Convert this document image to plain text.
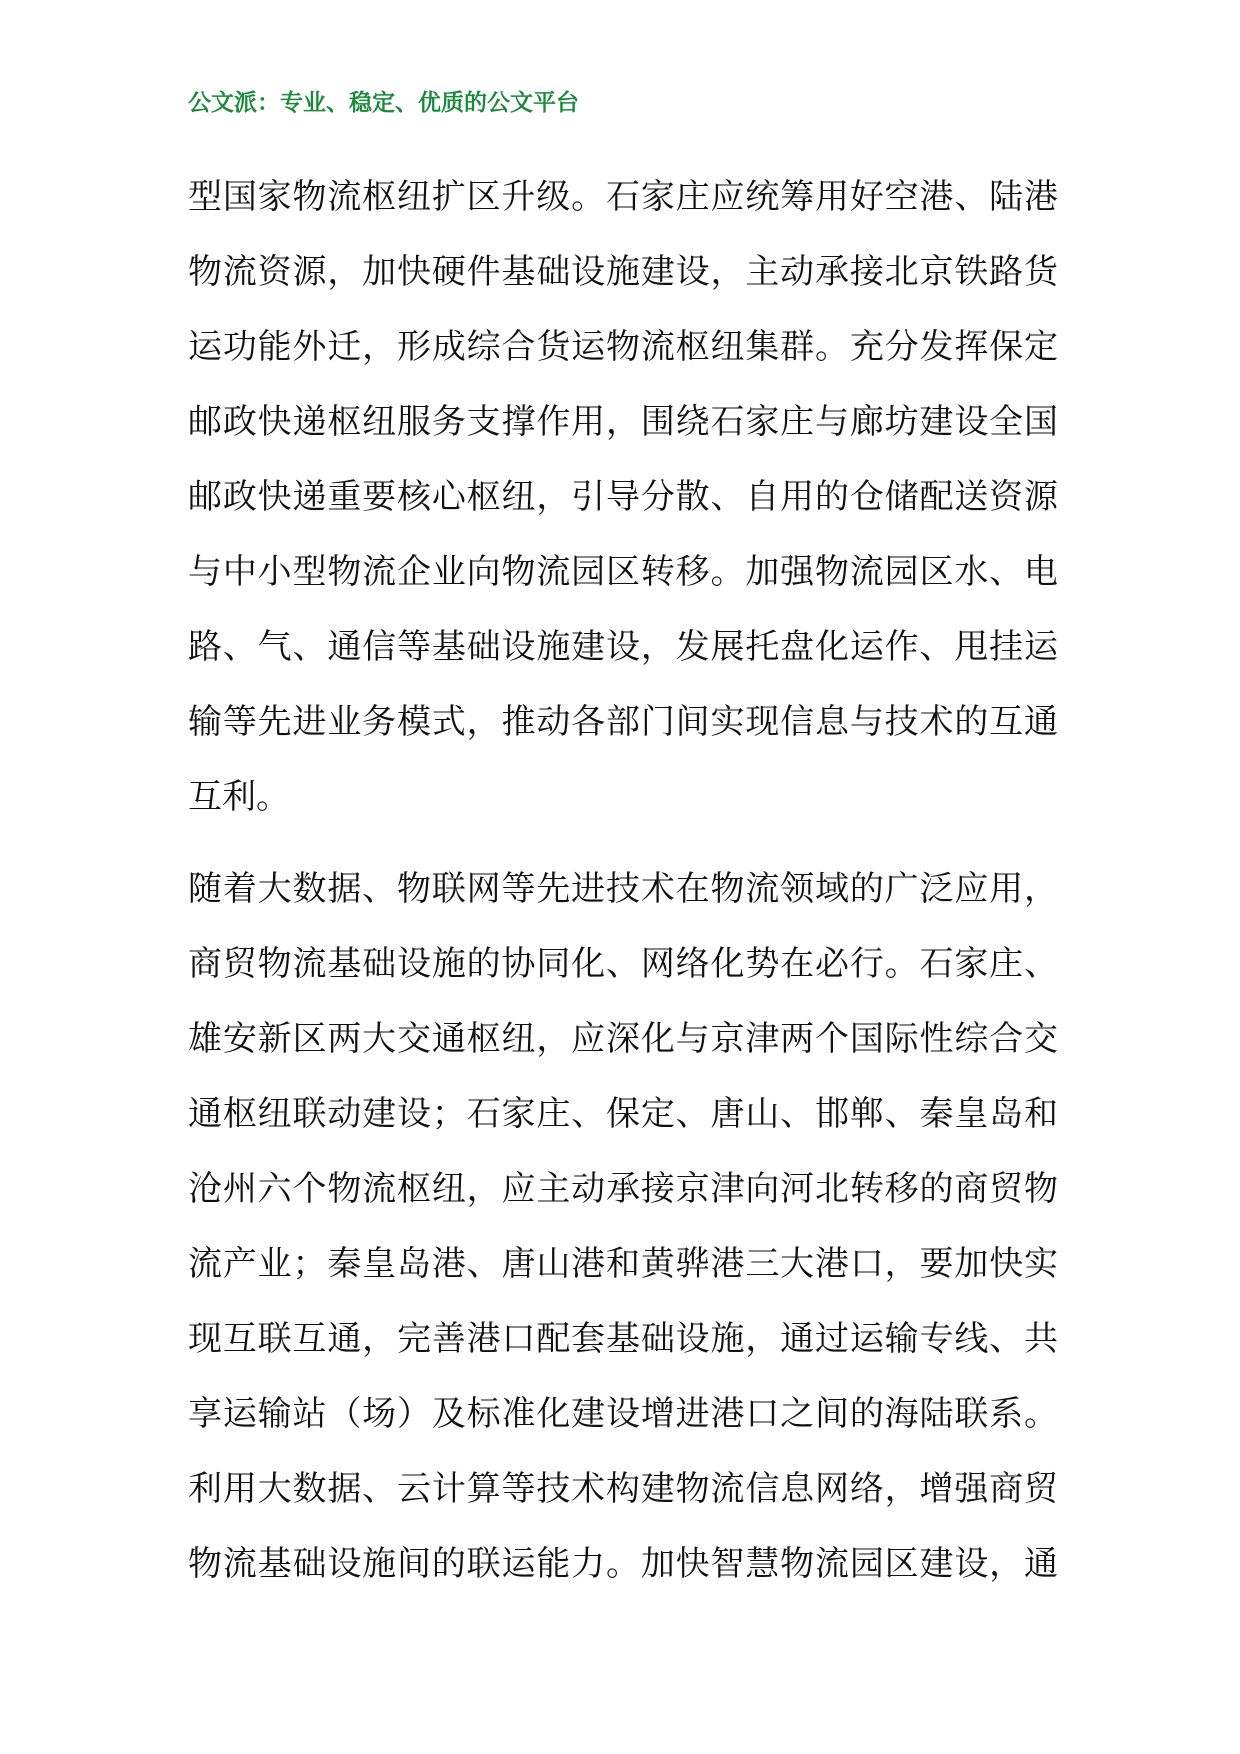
公文派：专业、稳定、优质的公文平台
型国家物流枢纽扩区升级。石家庄应统筹用好空港、陆港
物流资源，加快硬件基础设施建设，主动承接北京铁路货
运功能外迁，形成综合货运物流枢纽集群。充分发挥保定
邮政快递枢纽服务支撑作用，围绕石家庄与廊坊建设全国
邮政快递重要核心枢纽，引导分散、自用的仓储配送资源
与中小型物流企业向物流园区转移。加强物流园区水、电
路、气、通信等基础设施建设，发展托盘化运作、甩挂运
输等先进业务模式，推动各部门间实现信息与技术的互通
互利。
随着大数据、物联网等先进技术在物流领域的广泛应用，
商贸物流基础设施的协同化、网络化势在必行。石家庄、
雄安新区两大交通枢纽，应深化与京津两个国际性综合交
通枢纽联动建设；石家庄、保定、唐山、邯郸、秦皇岛和
沧州六个物流枢纽，应主动承接京津向河北转移的商贸物
流产业；秦皇岛港、唐山港和黄骅港三大港口，要加快实
现互联互通，完善港口配套基础设施，通过运输专线、共
享运输站（场）及标准化建设增进港口之间的海陆联系。
利用大数据、云计算等技术构建物流信息网络，增强商贸
物流基础设施间的联运能力。加快智慧物流园区建设，通
